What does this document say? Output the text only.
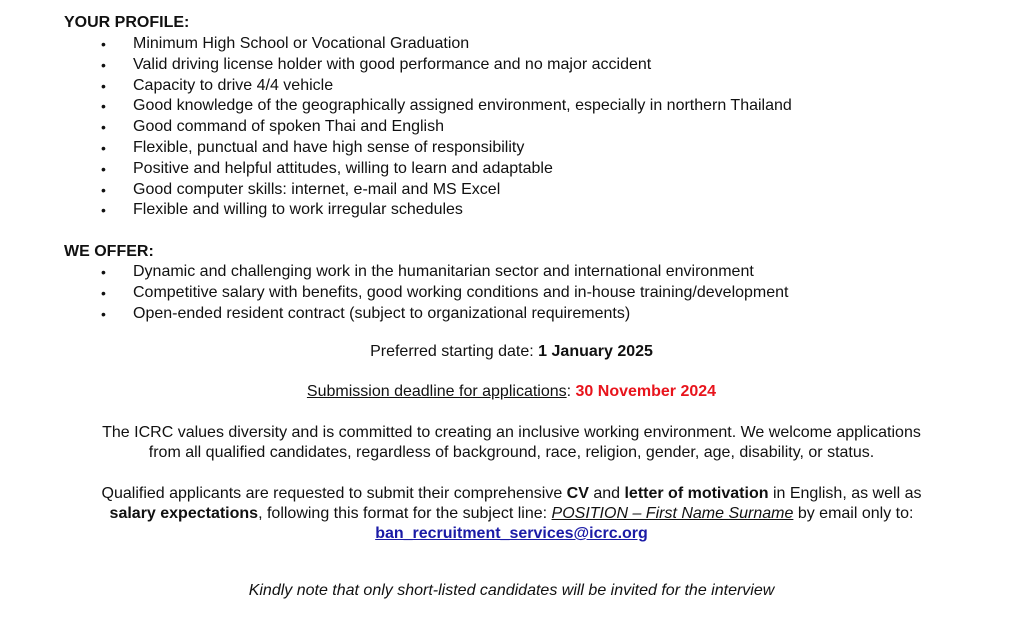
YOUR PROFILE:
• Minimum High School or Vocational Graduation
• Valid driving license holder with good performance and no major accident
• Capacity to drive 4/4 vehicle
• Good knowledge of the geographically assigned environment, especially in northern Thailand
• Good command of spoken Thai and English
• Flexible, punctual and have high sense of responsibility
• Positive and helpful attitudes, willing to learn and adaptable
• Good computer skills: internet, e-mail and MS Excel
• Flexible and willing to work irregular schedules
WE OFFER:
• Dynamic and challenging work in the humanitarian sector and international environment
• Competitive salary with benefits, good working conditions and in-house training/development
• Open-ended resident contract (subject to organizational requirements)

Preferred starting date: 1 January 2025

Submission deadline for applications: 30 November 2024

The ICRC values diversity and is committed to creating an inclusive working environment. We welcome applications

from all qualified candidates, regardless of background, race, religion, gender, age, disability, or status.

Qualified applicants are requested to submit their comprehensive CV and letter of motivation in English, as well as

salary expectations, following this format for the subject line: POSITION – First Name Surname by email only to:

ban_recruitment_services@icrc.org

Kindly note that only short-listed candidates will be invited for the interview
